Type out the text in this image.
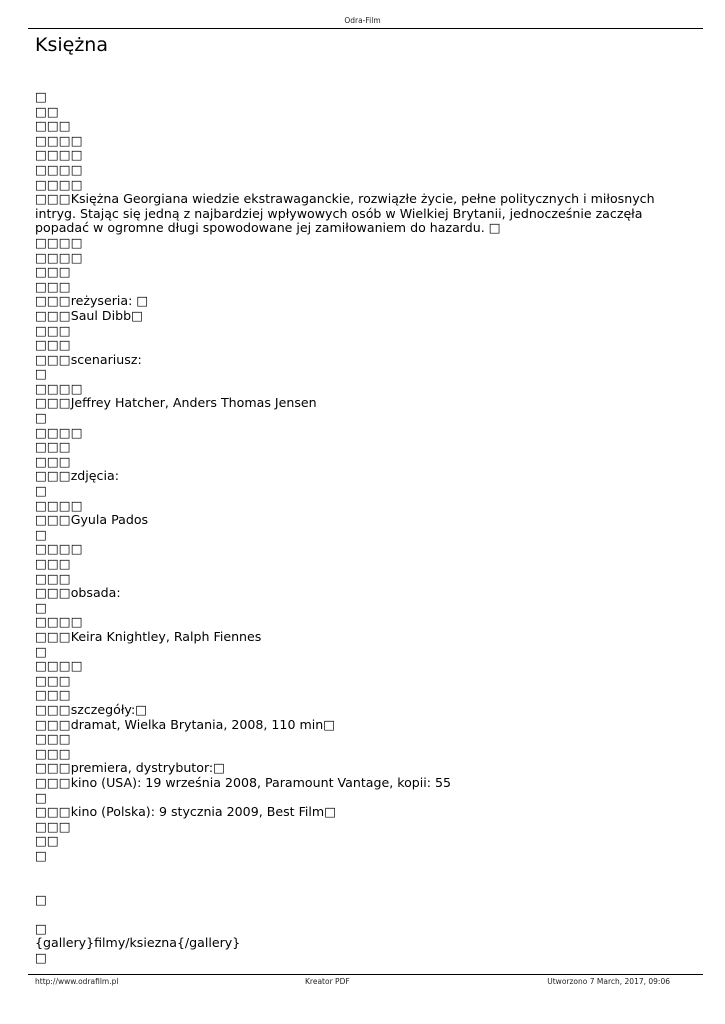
Odra-Film
Księżna
□
□□
□□□
□□□□
□□□□
□□□□
□□□□
□□□Księżna Georgiana wiedzie ekstrawaganckie, rozwiązłe życie, pełne politycznych i miłosnych intryg. Stając się jedną z najbardziej wpływowych osób w Wielkiej Brytanii, jednocześnie zaczęła popadać w ogromne długi spowodowane jej zamiłowaniem do hazardu. □
□□□□
□□□□
□□□
□□□
□□□reżyseria: □
□□□Saul Dibb□
□□□
□□□
□□□scenariusz:
□
□□□□
□□□Jeffrey Hatcher, Anders Thomas Jensen
□
□□□□
□□□
□□□
□□□zdjęcia:
□
□□□□
□□□Gyula Pados
□
□□□□
□□□
□□□
□□□obsada:
□
□□□□
□□□Keira Knightley, Ralph Fiennes
□
□□□□
□□□
□□□
□□□szczegóły:□
□□□dramat, Wielka Brytania, 2008, 110 min□
□□□
□□□
□□□premiera, dystrybutor:□
□□□kino (USA): 19 września 2008, Paramount Vantage, kopii: 55
□
□□□kino (Polska): 9 stycznia 2009, Best Film□
□□□
□□
□
□
□
{gallery}filmy/ksiezna{/gallery}
□
http://www.odrafilm.pl	Kreator PDF	Utworzono 7 March, 2017, 09:06
